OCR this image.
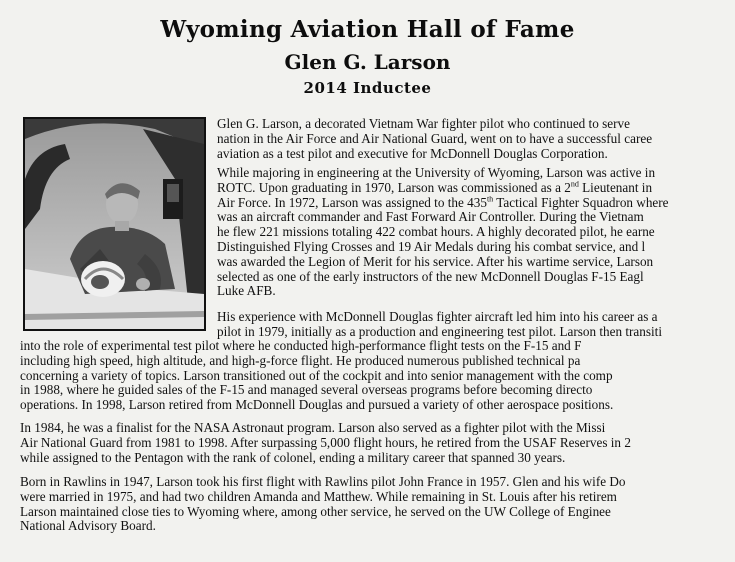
Wyoming Aviation Hall of Fame
Glen G. Larson
2014 Inductee
Glen G. Larson, a decorated Vietnam War fighter pilot who continued to serve
nation in the Air Force and Air National Guard, went on to have a successful caree
aviation as a test pilot and executive for McDonnell Douglas Corporation.
While majoring in engineering at the University of Wyoming, Larson was active in
ROTC. Upon graduating in 1970, Larson was commissioned as a 2nd Lieutenant in
Air Force. In 1972, Larson was assigned to the 435th Tactical Fighter Squadron where
was an aircraft commander and Fast Forward Air Controller. During the Vietnam
he flew 221 missions totaling 422 combat hours. A highly decorated pilot, he earne
Distinguished Flying Crosses and 19 Air Medals during his combat service, and l
was awarded the Legion of Merit for his service. After his wartime service, Larson
selected as one of the early instructors of the new McDonnell Douglas F-15 Eagl
Luke AFB.
His experience with McDonnell Douglas fighter aircraft led him into his career as a
pilot in 1979, initially as a production and engineering test pilot. Larson then transiti
into the role of experimental test pilot where he conducted high-performance flight tests on the F-15 and F
including high speed, high altitude, and high-g-force flight. He produced numerous published technical pa
concerning a variety of topics. Larson transitioned out of the cockpit and into senior management with the comp
in 1988, where he guided sales of the F-15 and managed several overseas programs before becoming directo
operations. In 1998, Larson retired from McDonnell Douglas and pursued a variety of other aerospace positions.
In 1984, he was a finalist for the NASA Astronaut program. Larson also served as a fighter pilot with the Missi
Air National Guard from 1981 to 1998. After surpassing 5,000 flight hours, he retired from the USAF Reserves in 2
while assigned to the Pentagon with the rank of colonel, ending a military career that spanned 30 years.
Born in Rawlins in 1947, Larson took his first flight with Rawlins pilot John France in 1957. Glen and his wife Do
were married in 1975, and had two children Amanda and Matthew. While remaining in St. Louis after his retirem
Larson maintained close ties to Wyoming where, among other service, he served on the UW College of Enginee
National Advisory Board.
